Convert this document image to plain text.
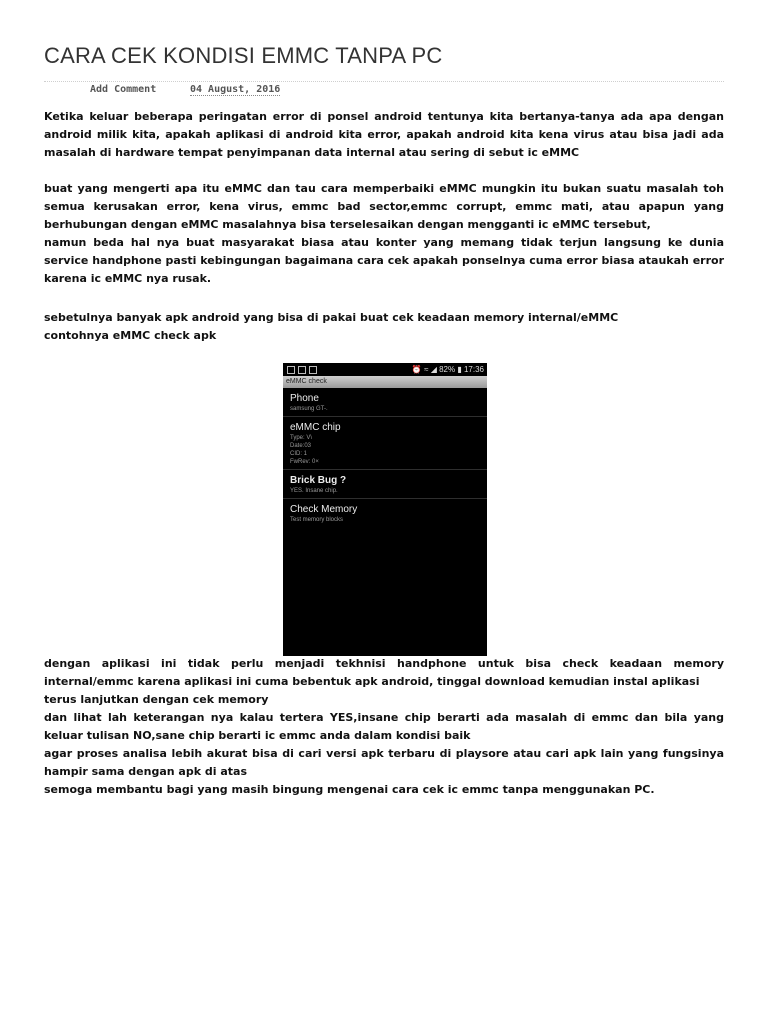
CARA CEK KONDISI EMMC TANPA PC
Add Comment	04 August, 2016

Ketika keluar beberapa peringatan error di ponsel android tentunya kita bertanya-tanya ada apa dengan android milik kita, apakah aplikasi di android kita error, apakah android kita kena virus atau bisa jadi ada masalah di hardware tempat penyimpanan data internal atau sering di sebut ic eMMC

buat yang mengerti apa itu eMMC dan tau cara memperbaiki eMMC mungkin itu bukan suatu masalah toh semua kerusakan error, kena virus, emmc bad sector,emmc corrupt, emmc mati, atau apapun yang berhubungan dengan eMMC masalahnya bisa terselesaikan dengan mengganti ic eMMC tersebut,

namun beda hal nya buat masyarakat biasa atau konter yang memang tidak terjun langsung ke dunia service handphone pasti kebingungan bagaimana cara cek apakah ponselnya cuma error biasa ataukah error karena ic eMMC nya rusak.

sebetulnya banyak apk android yang bisa di pakai buat cek keadaan memory internal/eMMC

contohnya eMMC check apk

⏰ ≈ ◢ 82% ▮ 17:36
eMMC check
Phone
samsung GT-.
eMMC chip
Type: V\
Date:03
CID: 1
FwRev: 0×
Brick Bug ?
YES. Insane chip.
Check Memory
Test memory blocks

dengan aplikasi ini tidak perlu menjadi tekhnisi handphone untuk bisa check keadaan memory internal/emmc karena aplikasi ini cuma bebentuk apk android, tinggal download kemudian instal aplikasi

terus lanjutkan dengan cek memory

dan lihat lah keterangan nya kalau tertera YES,insane chip berarti ada masalah di emmc dan bila yang keluar tulisan NO,sane chip berarti ic emmc anda dalam kondisi baik

agar proses analisa lebih akurat bisa di cari versi apk terbaru di playsore atau cari apk lain yang fungsinya hampir sama dengan apk di atas

semoga membantu bagi yang masih bingung mengenai cara cek ic emmc tanpa menggunakan PC.
